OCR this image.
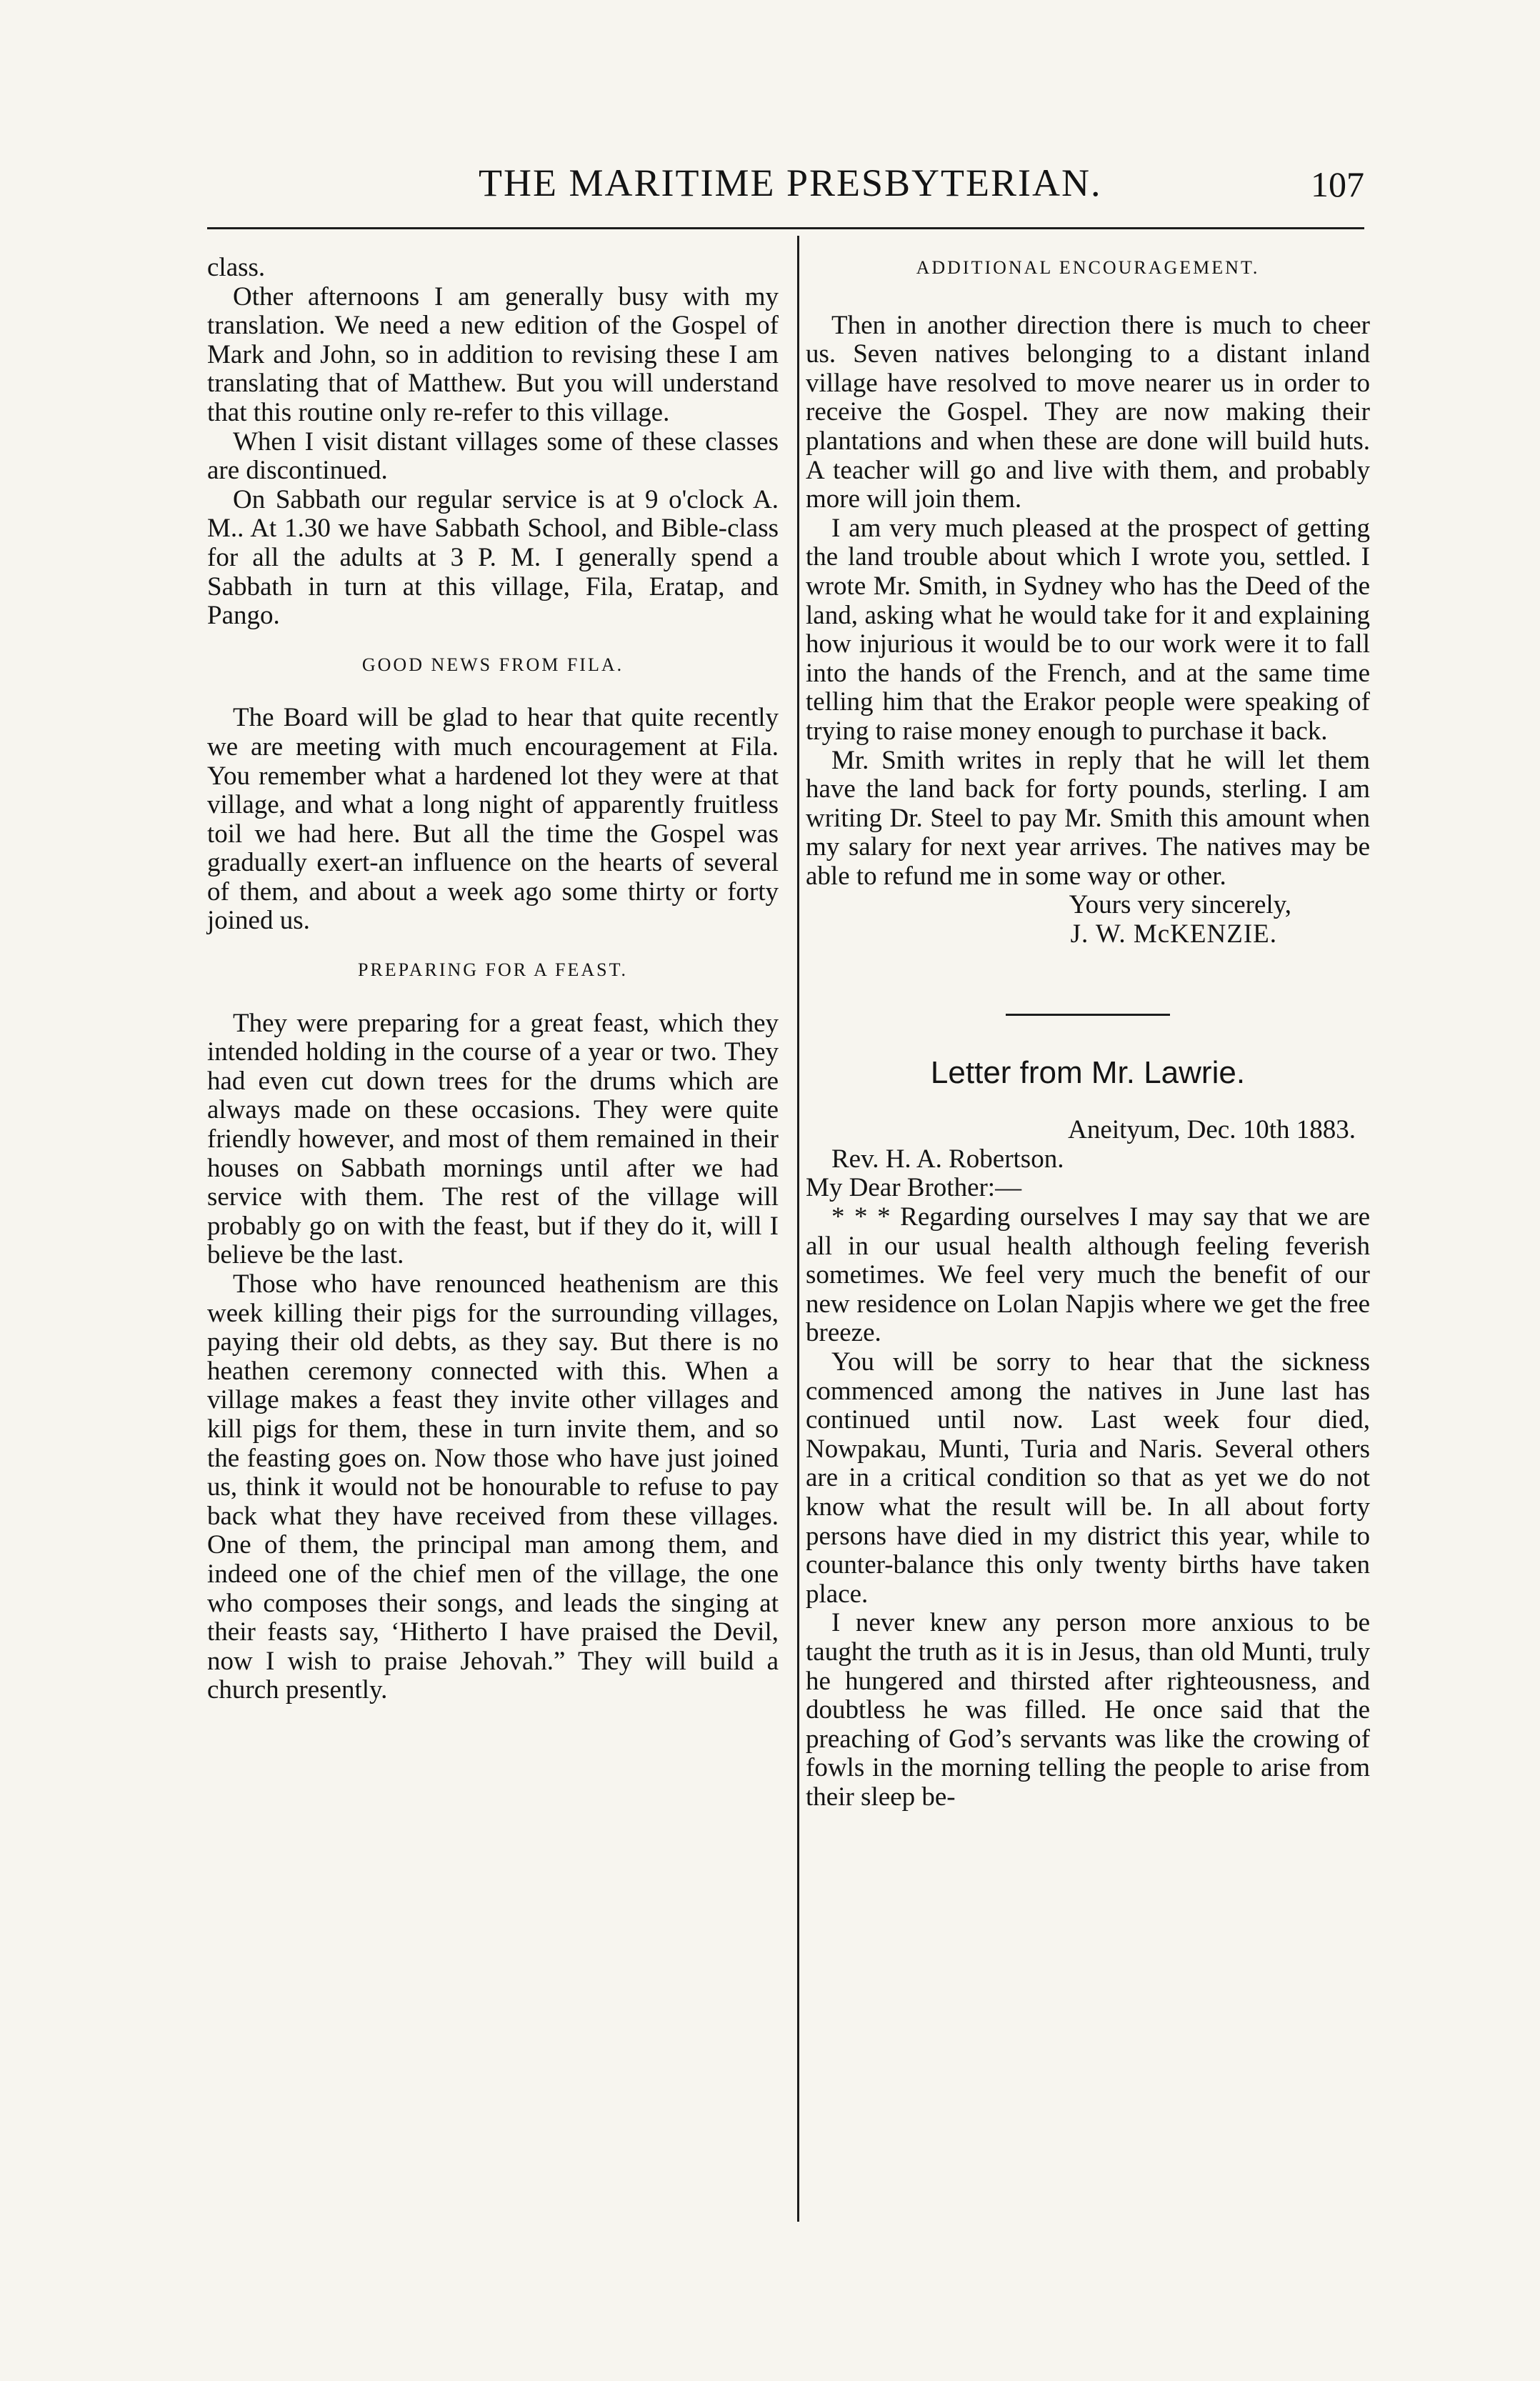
THE MARITIME PRESBYTERIAN.	107

class.

Other afternoons I am generally busy with my translation. We need a new edition of the Gospel of Mark and John, so in addition to revising these I am translating that of Matthew. But you will understand that this routine only re-refer to this village.

When I visit distant villages some of these classes are discontinued.

On Sabbath our regular service is at 9 o'clock A. M.. At 1.30 we have Sabbath School, and Bible-class for all the adults at 3 P. M. I generally spend a Sabbath in turn at this village, Fila, Eratap, and Pango.

GOOD NEWS FROM FILA.

The Board will be glad to hear that quite recently we are meeting with much encouragement at Fila. You remember what a hardened lot they were at that village, and what a long night of apparently fruitless toil we had here. But all the time the Gospel was gradually exert-an influence on the hearts of several of them, and about a week ago some thirty or forty joined us.

PREPARING FOR A FEAST.

They were preparing for a great feast, which they intended holding in the course of a year or two. They had even cut down trees for the drums which are always made on these occasions. They were quite friendly however, and most of them remained in their houses on Sabbath mornings until after we had service with them. The rest of the village will probably go on with the feast, but if they do it, will I believe be the last.

Those who have renounced heathenism are this week killing their pigs for the surrounding villages, paying their old debts, as they say. But there is no heathen ceremony connected with this. When a village makes a feast they invite other villages and kill pigs for them, these in turn invite them, and so the feasting goes on. Now those who have just joined us, think it would not be honourable to refuse to pay back what they have received from these villages. One of them, the principal man among them, and indeed one of the chief men of the village, the one who composes their songs, and leads the singing at their feasts say, ‘Hitherto I have praised the Devil, now I wish to praise Jehovah.” They will build a church presently.

ADDITIONAL ENCOURAGEMENT.

Then in another direction there is much to cheer us. Seven natives belonging to a distant inland village have resolved to move nearer us in order to receive the Gospel. They are now making their plantations and when these are done will build huts. A teacher will go and live with them, and probably more will join them.

I am very much pleased at the prospect of getting the land trouble about which I wrote you, settled. I wrote Mr. Smith, in Sydney who has the Deed of the land, asking what he would take for it and explaining how injurious it would be to our work were it to fall into the hands of the French, and at the same time telling him that the Erakor people were speaking of trying to raise money enough to purchase it back.

Mr. Smith writes in reply that he will let them have the land back for forty pounds, sterling. I am writing Dr. Steel to pay Mr. Smith this amount when my salary for next year arrives. The natives may be able to refund me in some way or other.

Yours very sincerely,

J. W. McKENZIE.

Letter from Mr. Lawrie.

Aneityum, Dec. 10th 1883.

Rev. H. A. Robertson.

My Dear Brother:—

* * * Regarding ourselves I may say that we are all in our usual health although feeling feverish sometimes. We feel very much the benefit of our new residence on Lolan Napjis where we get the free breeze.

You will be sorry to hear that the sickness commenced among the natives in June last has continued until now. Last week four died, Nowpakau, Munti, Turia and Naris. Several others are in a critical condition so that as yet we do not know what the result will be. In all about forty persons have died in my district this year, while to counter-balance this only twenty births have taken place.

I never knew any person more anxious to be taught the truth as it is in Jesus, than old Munti, truly he hungered and thirsted after righteousness, and doubtless he was filled. He once said that the preaching of God’s servants was like the crowing of fowls in the morning telling the people to arise from their sleep be-
